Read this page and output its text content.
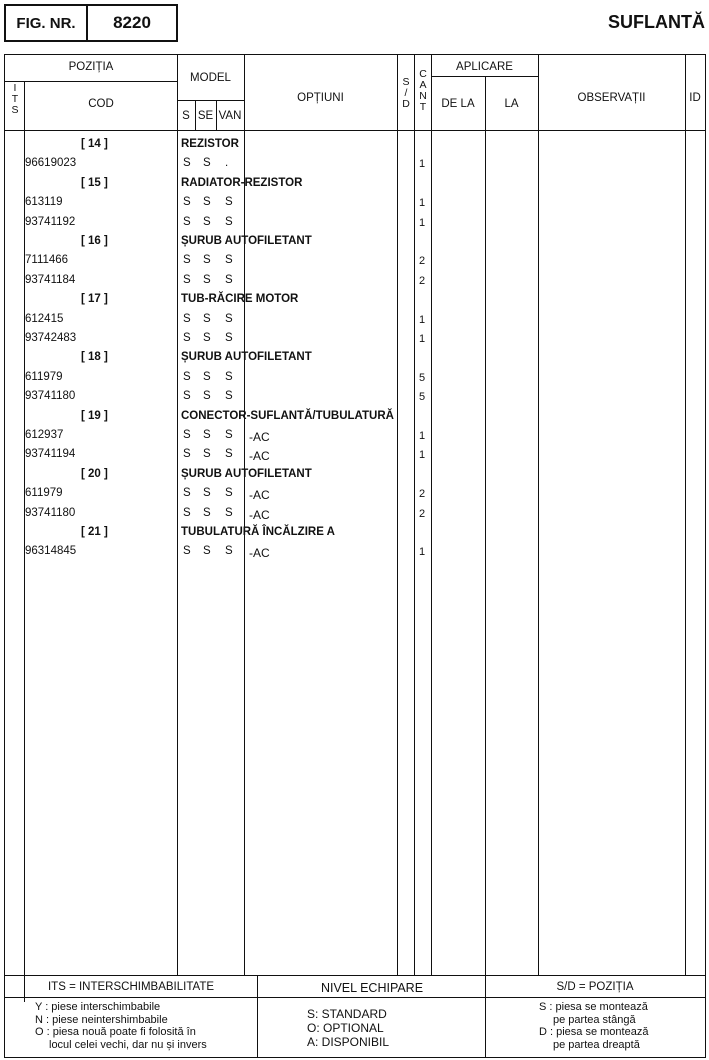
FIG. NR.	8220	SUFLANTĂ
POZIȚIA
I
T
S	COD
MODEL
S SE VAN
OPȚIUNI
S
/
D
C
A
N
T
APLICARE
DE LA	LA	OBSERVAȚII	ID
[ 14 ]	REZISTOR
96619023	S S .	1
[ 15 ]	RADIATOR-REZISTOR
613119	S S S	1
93741192	S S S	1
[ 16 ]	ȘURUB AUTOFILETANT
7111466	S S S	2
93741184	S S S	2
[ 17 ]	TUB-RĂCIRE MOTOR
612415	S S S	1
93742483	S S S	1
[ 18 ]	ȘURUB AUTOFILETANT
611979	S S S	5
93741180	S S S	5
[ 19 ]	CONECTOR-SUFLANTĂ/TUBULATURĂ
612937	S S S -AC	1
93741194	S S S -AC	1
[ 20 ]	ȘURUB AUTOFILETANT
611979	S S S -AC	2
93741180	S S S -AC	2
[ 21 ]	TUBULATURĂ ÎNCĂLZIRE A
96314845	S S S -AC	1
ITS = INTERSCHIMBABILITATE	NIVEL ECHIPARE	S/D = POZIȚIA
Y : piese interschimbabile
N : piese neintershimbabile
O : piesa nouă poate fi folosită în
locul celei vechi, dar nu și invers
S: STANDARD
O: OPTIONAL
A: DISPONIBIL
S : piesa se montează
pe partea stângă
D : piesa se montează
pe partea dreaptă
